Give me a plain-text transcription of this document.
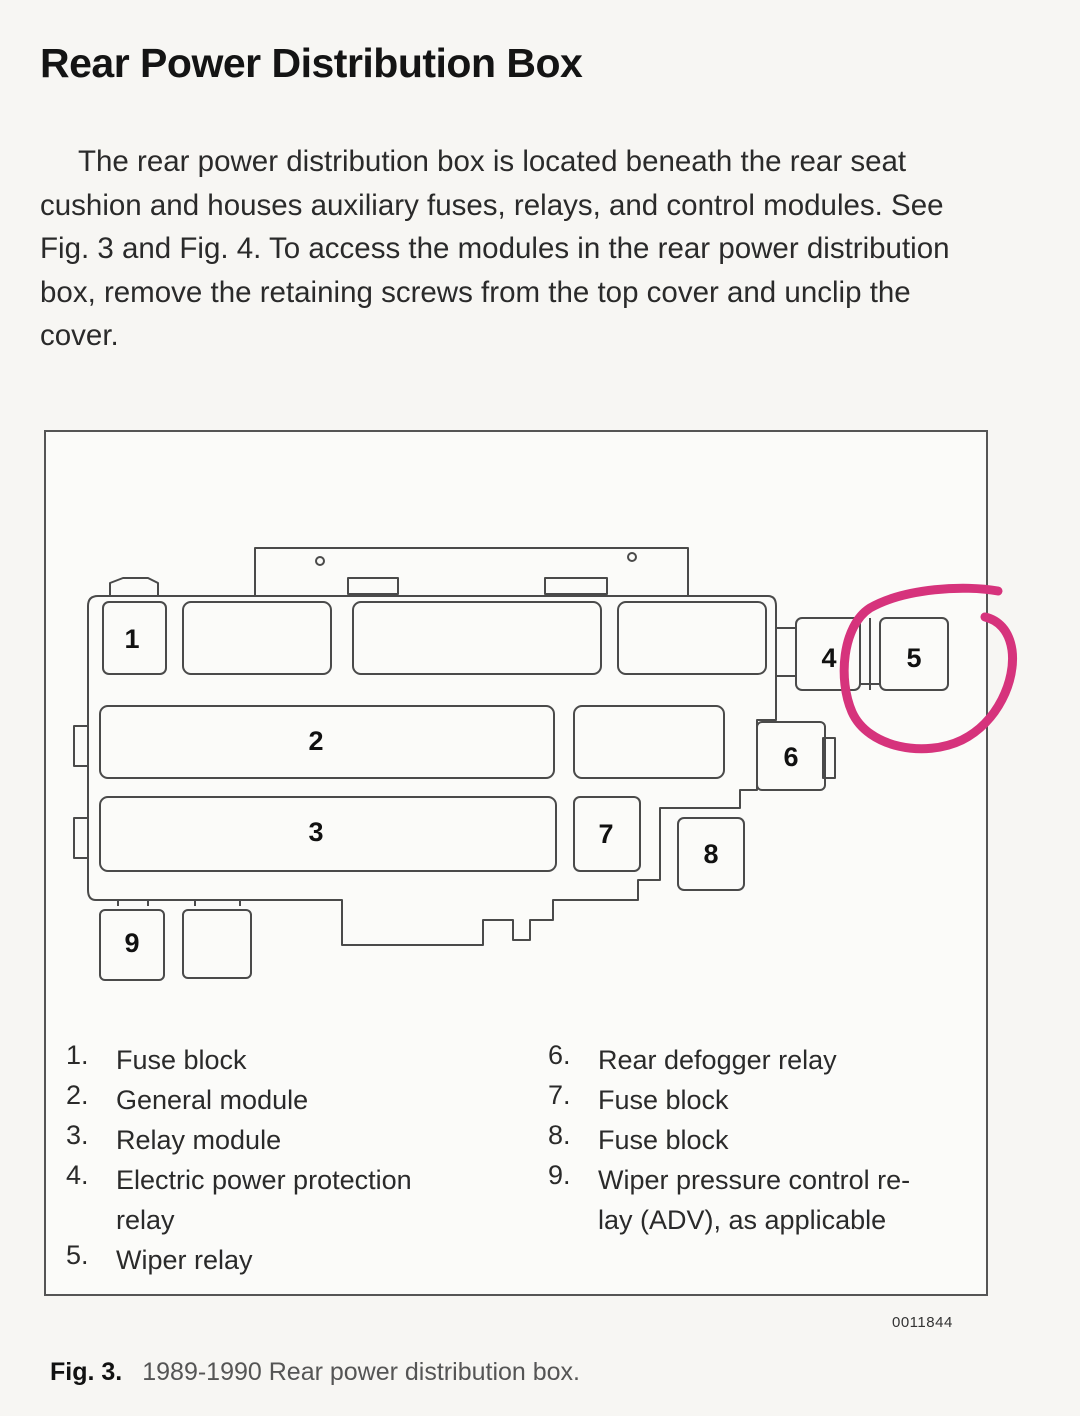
Rear Power Distribution Box

The rear power distribution box is located beneath the rear seat cushion and houses auxiliary fuses, relays, and control modules. See Fig. 3 and Fig. 4. To access the modules in the rear power distribution box, remove the retaining screws from the top cover and unclip the cover.

1
2
3
4	5
6
7
8
9
1. Fuse block
2. General module
3. Relay module
4. Electric power protection
relay
5. Wiper relay
6. Rear defogger relay
7. Fuse block
8. Fuse block
9. Wiper pressure control re-
lay (ADV), as applicable
0011844
Fig. 3. 1989-1990 Rear power distribution box.
